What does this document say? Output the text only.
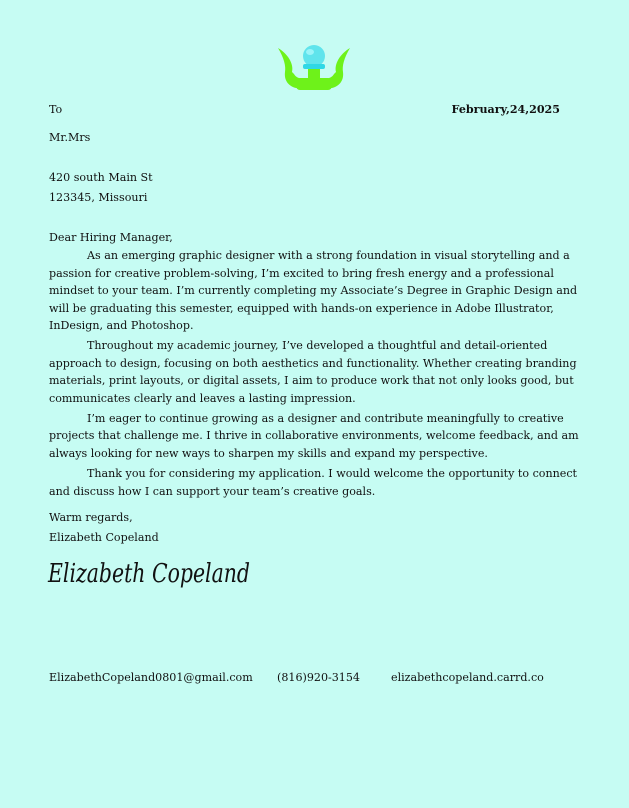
To	February,24,2025
Mr.Mrs
420 south Main St
123345, Missouri

Dear Hiring Manager,

As an emerging graphic designer with a strong foundation in visual storytelling and a passion for creative problem-solving, I’m excited to bring fresh energy and a professional mindset to your team. I’m currently completing my Associate’s Degree in Graphic Design and will be graduating this semester, equipped with hands-on experience in Adobe Illustrator, InDesign, and Photoshop.

Throughout my academic journey, I’ve developed a thoughtful and detail-oriented approach to design, focusing on both aesthetics and functionality. Whether creating branding materials, print layouts, or digital assets, I aim to produce work that not only looks good, but communicates clearly and leaves a lasting impression.

I’m eager to continue growing as a designer and contribute meaningfully to creative projects that challenge me. I thrive in collaborative environments, welcome feedback, and am always looking for new ways to sharpen my skills and expand my perspective.

Thank you for considering my application. I would welcome the opportunity to connect and discuss how I can support your team’s creative goals.

Warm regards,
Elizabeth Copeland
Elizabeth Copeland
ElizabethCopeland0801@gmail.com (816)920-3154	elizabethcopeland.carrd.co
